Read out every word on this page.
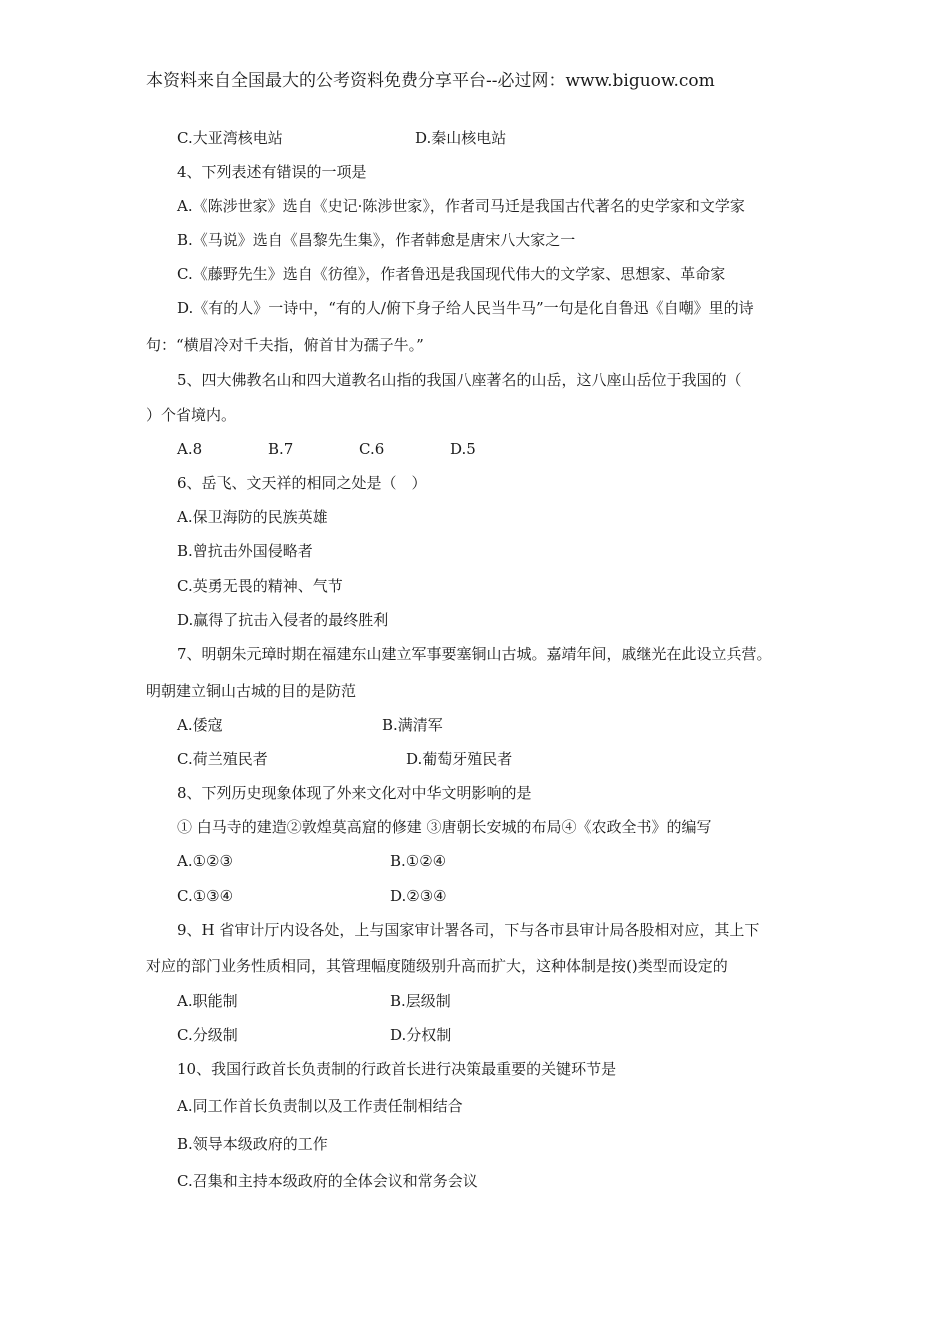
本资料来自全国最大的公考资料免费分享平台--必过网：www.biguow.com
C.大亚湾核电站	D.秦山核电站
4、下列表述有错误的一项是
A.《陈涉世家》选自《史记·陈涉世家》，作者司马迁是我国古代著名的史学家和文学家
B.《马说》选自《昌黎先生集》，作者韩愈是唐宋八大家之一
C.《藤野先生》选自《彷徨》，作者鲁迅是我国现代伟大的文学家、思想家、革命家
D.《有的人》一诗中，“有的人/俯下身子给人民当牛马”一句是化自鲁迅《自嘲》里的诗
句：“横眉冷对千夫指，俯首甘为孺子牛。”
5、四大佛教名山和四大道教名山指的我国八座著名的山岳，这八座山岳位于我国的（
）个省境内。
A.8	B.7	C.6	D.5
6、岳飞、文天祥的相同之处是（　）
A.保卫海防的民族英雄
B.曾抗击外国侵略者
C.英勇无畏的精神、气节
D.赢得了抗击入侵者的最终胜利
7、明朝朱元璋时期在福建东山建立军事要塞铜山古城。嘉靖年间，戚继光在此设立兵营。
明朝建立铜山古城的目的是防范
A.倭寇	B.满清军
C.荷兰殖民者	D.葡萄牙殖民者
8、下列历史现象体现了外来文化对中华文明影响的是
① 白马寺的建造②敦煌莫高窟的修建 ③唐朝长安城的布局④《农政全书》的编写
A.①②③	B.①②④
C.①③④	D.②③④
9、H 省审计厅内设各处，上与国家审计署各司，下与各市县审计局各股相对应，其上下
对应的部门业务性质相同，其管理幅度随级别升高而扩大，这种体制是按()类型而设定的
A.职能制	B.层级制
C.分级制	D.分权制
10、我国行政首长负责制的行政首长进行决策最重要的关键环节是
A.同工作首长负责制以及工作责任制相结合
B.领导本级政府的工作
C.召集和主持本级政府的全体会议和常务会议
